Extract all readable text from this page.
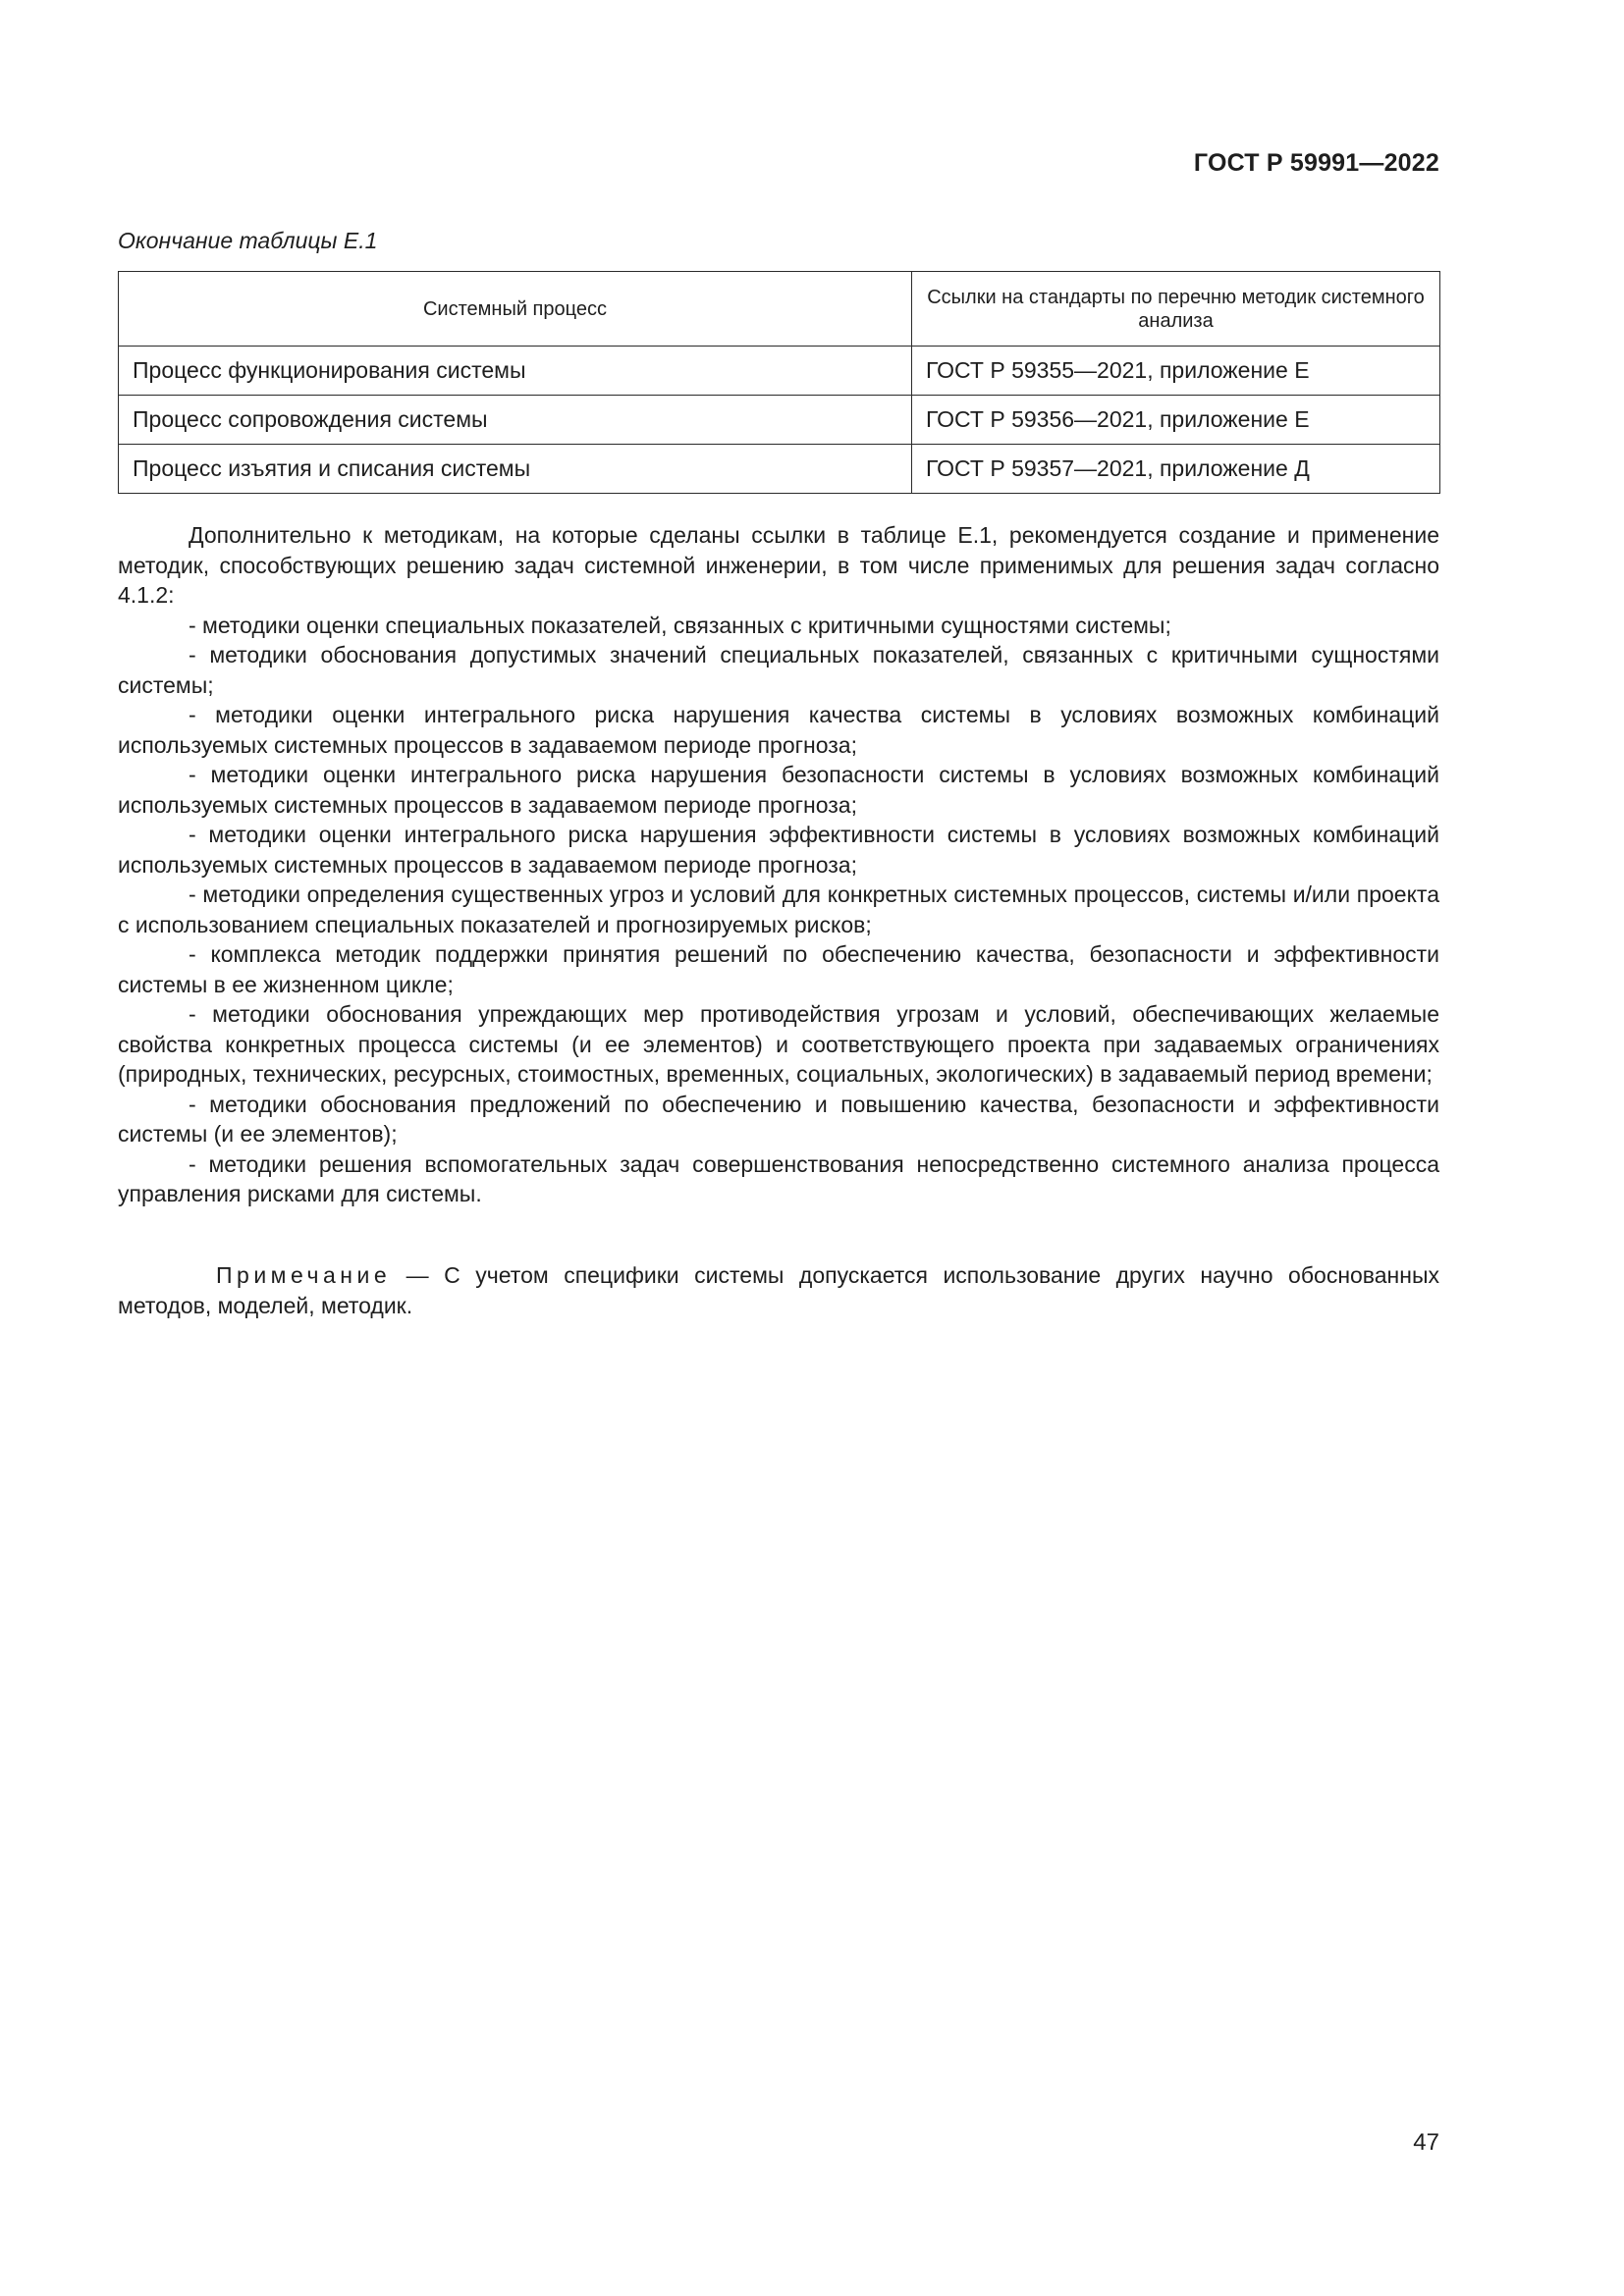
ГОСТ Р 59991—2022
Окончание таблицы Е.1
Системный процесс	Ссылки на стандарты по перечню методик системного анализа
Процесс функционирования системы	ГОСТ Р 59355—2021, приложение Е
Процесс сопровождения системы	ГОСТ Р 59356—2021, приложение Е
Процесс изъятия и списания системы	ГОСТ Р 59357—2021, приложение Д

Дополнительно к методикам, на которые сделаны ссылки в таблице Е.1, рекомендуется создание и применение методик, способствующих решению задач системной инженерии, в том числе применимых для решения задач согласно 4.1.2:

- методики оценки специальных показателей, связанных с критичными сущностями системы;

- методики обоснования допустимых значений специальных показателей, связанных с критичными сущностями системы;

- методики оценки интегрального риска нарушения качества системы в условиях возможных комбинаций используемых системных процессов в задаваемом периоде прогноза;

- методики оценки интегрального риска нарушения безопасности системы в условиях возможных комбинаций используемых системных процессов в задаваемом периоде прогноза;

- методики оценки интегрального риска нарушения эффективности системы в условиях возможных комбинаций используемых системных процессов в задаваемом периоде прогноза;

- методики определения существенных угроз и условий для конкретных системных процессов, системы и/или проекта с использованием специальных показателей и прогнозируемых рисков;

- комплекса методик поддержки принятия решений по обеспечению качества, безопасности и эффективности системы в ее жизненном цикле;

- методики обоснования упреждающих мер противодействия угрозам и условий, обеспечивающих желаемые свойства конкретных процесса системы (и ее элементов) и соответствующего проекта при задаваемых ограничениях (природных, технических, ресурсных, стоимостных, временных, социальных, экологических) в задаваемый период времени;

- методики обоснования предложений по обеспечению и повышению качества, безопасности и эффективности системы (и ее элементов);

- методики решения вспомогательных задач совершенствования непосредственно системного анализа процесса управления рисками для системы.

Примечание — С учетом специфики системы допускается использование других научно обоснованных методов, моделей, методик.

47
